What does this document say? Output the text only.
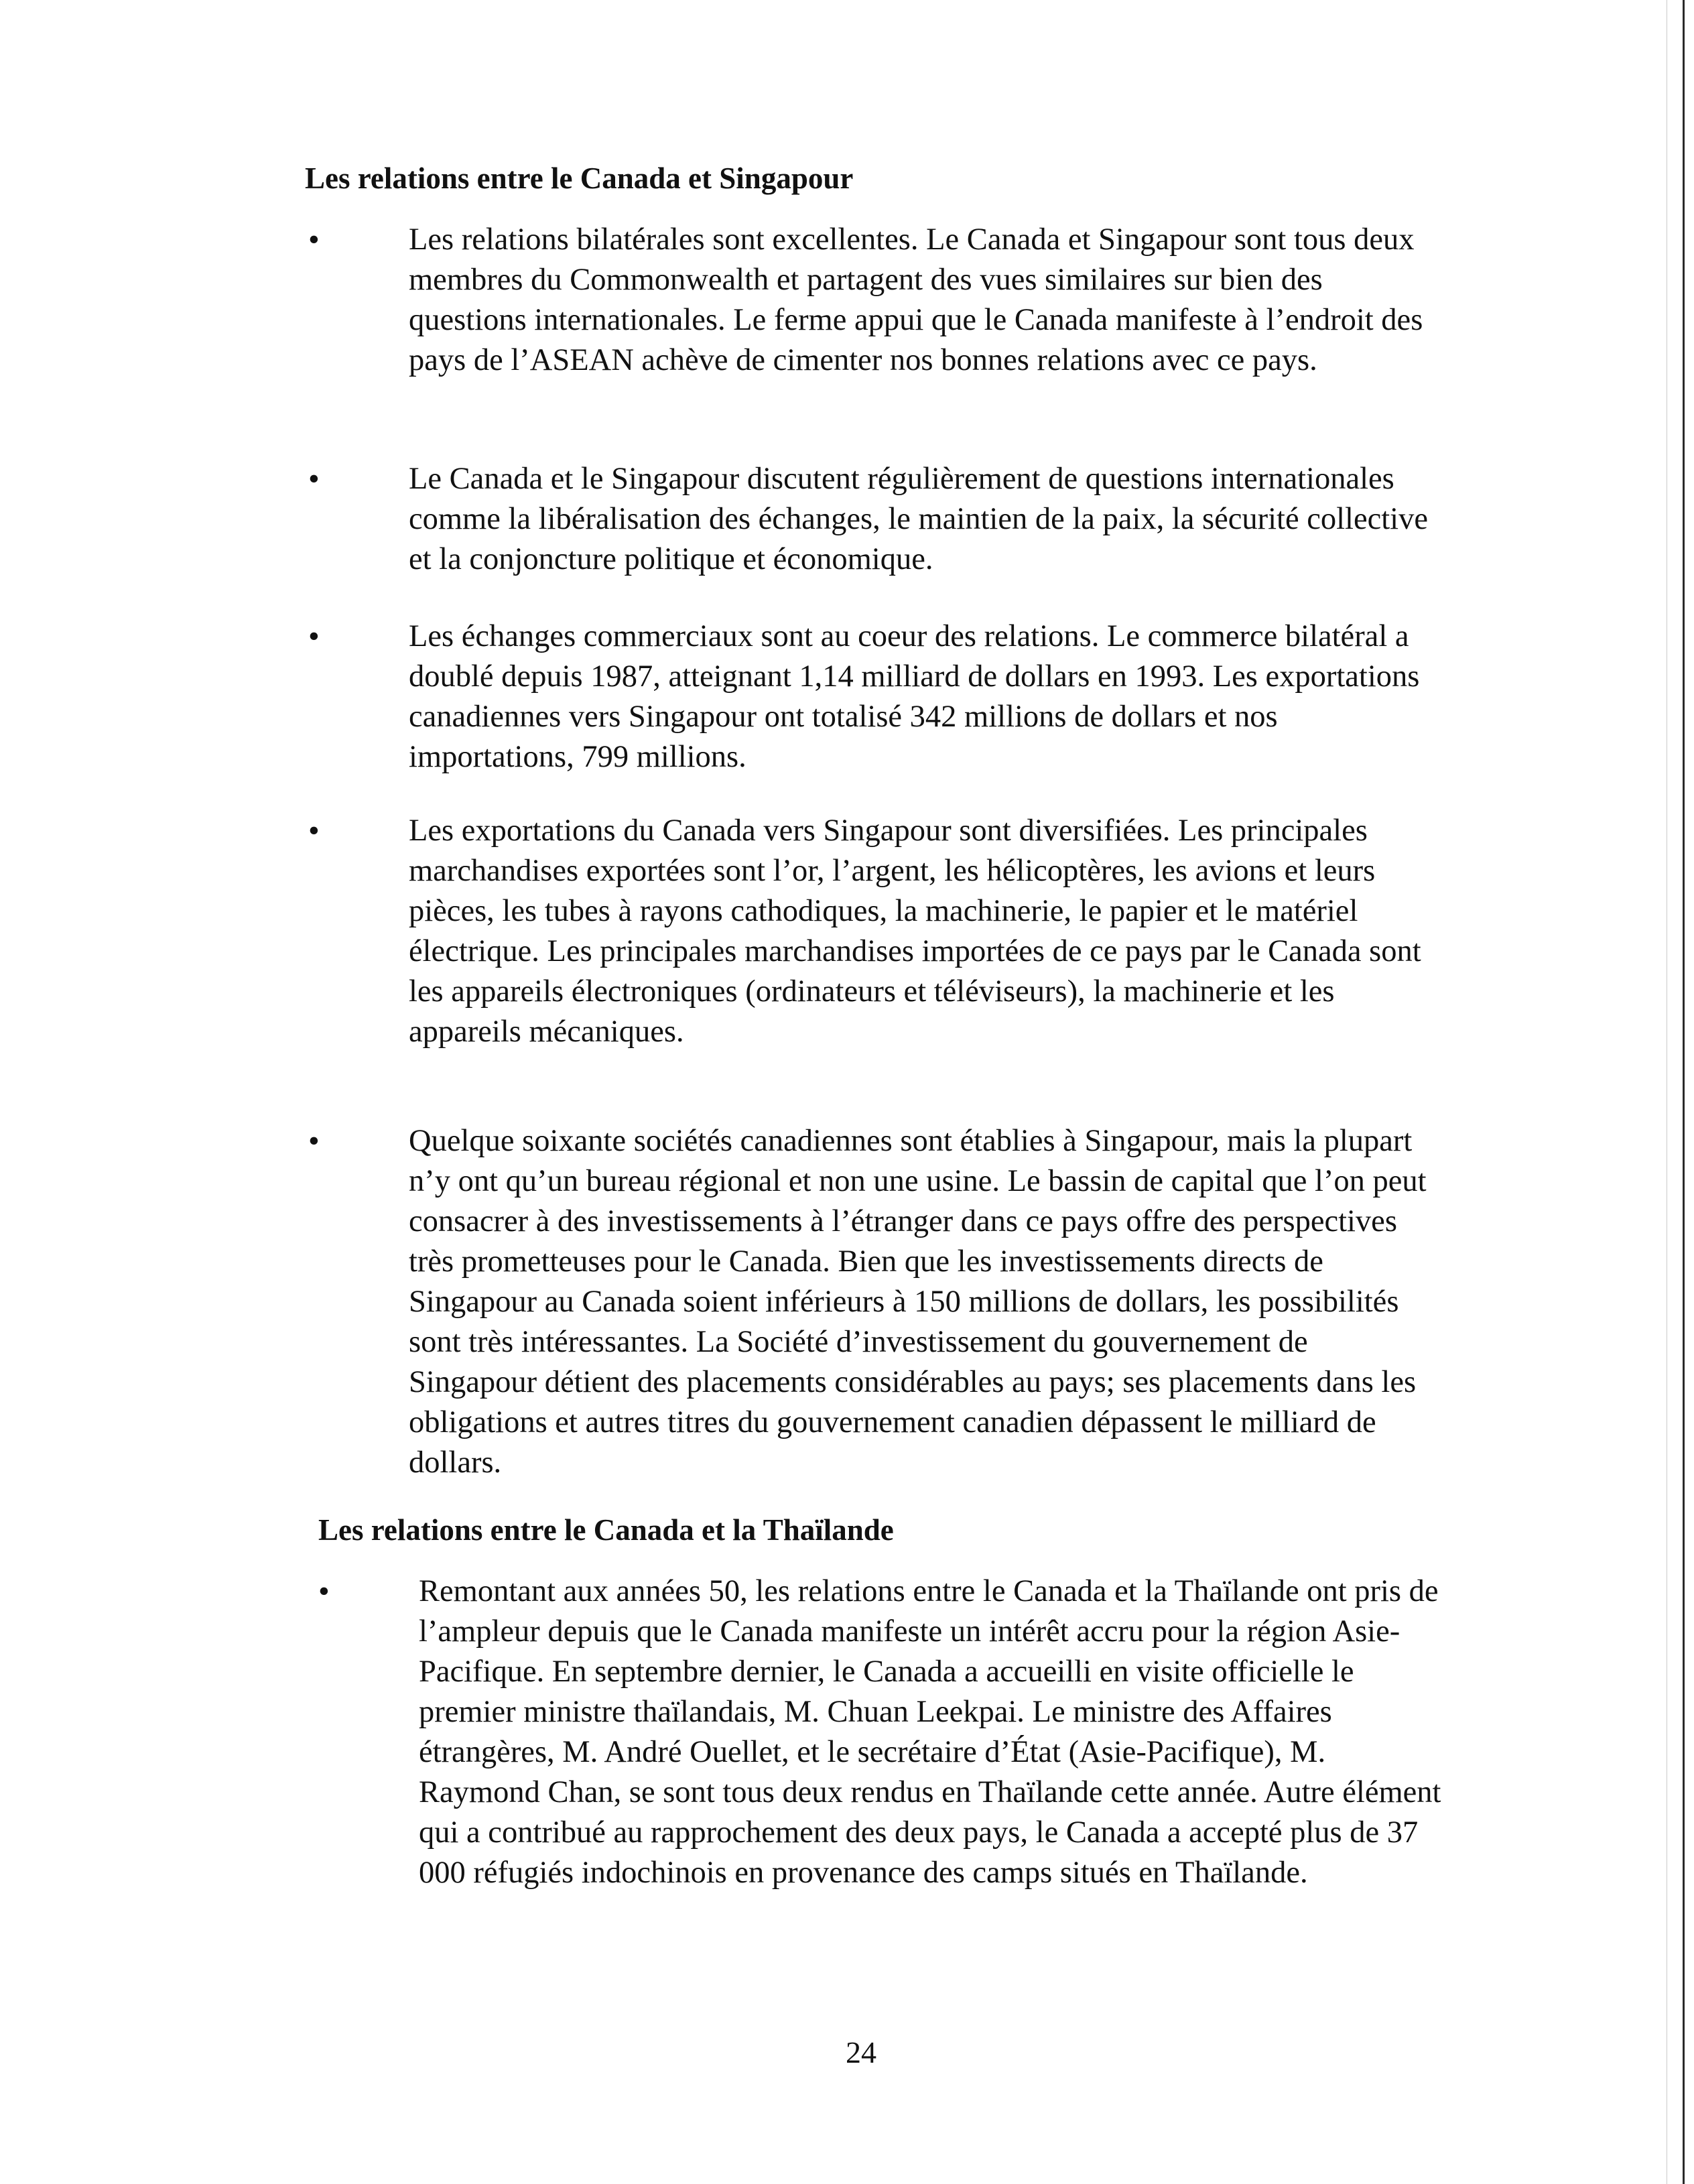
Les relations entre le Canada et Singapour
•	Les relations bilatérales sont excellentes. Le Canada et Singapour sont tous deux membres du Commonwealth et partagent des vues similaires sur bien des questions internationales. Le ferme appui que le Canada manifeste à l’endroit des pays de l’ASEAN achève de cimenter nos bonnes relations avec ce pays.

•	Le Canada et le Singapour discutent régulièrement de questions internationales comme la libéralisation des échanges, le maintien de la paix, la sécurité collective et la conjoncture politique et économique.

•	Les échanges commerciaux sont au coeur des relations. Le commerce bilatéral a doublé depuis 1987, atteignant 1,14 milliard de dollars en 1993. Les exportations canadiennes vers Singapour ont totalisé 342 millions de dollars et nos importations, 799 millions.

•	Les exportations du Canada vers Singapour sont diversifiées. Les principales marchandises exportées sont l’or, l’argent, les hélicoptères, les avions et leurs pièces, les tubes à rayons cathodiques, la machinerie, le papier et le matériel électrique. Les principales marchandises importées de ce pays par le Canada sont les appareils électroniques (ordinateurs et téléviseurs), la machinerie et les appareils mécaniques.

•	Quelque soixante sociétés canadiennes sont établies à Singapour, mais la plupart n’y ont qu’un bureau régional et non une usine. Le bassin de capital que l’on peut consacrer à des investissements à l’étranger dans ce pays offre des perspectives très prometteuses pour le Canada. Bien que les investissements directs de Singapour au Canada soient inférieurs à 150 millions de dollars, les possibilités sont très intéressantes. La Société d’investissement du gouvernement de Singapour détient des placements considérables au pays; ses placements dans les obligations et autres titres du gouvernement canadien dépassent le milliard de dollars.

Les relations entre le Canada et la Thaïlande
•	Remontant aux années 50, les relations entre le Canada et la Thaïlande ont pris de l’ampleur depuis que le Canada manifeste un intérêt accru pour la région Asie-Pacifique. En septembre dernier, le Canada a accueilli en visite officielle le premier ministre thaïlandais, M. Chuan Leekpai. Le ministre des Affaires étrangères, M. André Ouellet, et le secrétaire d’État (Asie-Pacifique), M. Raymond Chan, se sont tous deux rendus en Thaïlande cette année. Autre élément qui a contribué au rapprochement des deux pays, le Canada a accepté plus de 37 000 réfugiés indochinois en provenance des camps situés en Thaïlande.

24
